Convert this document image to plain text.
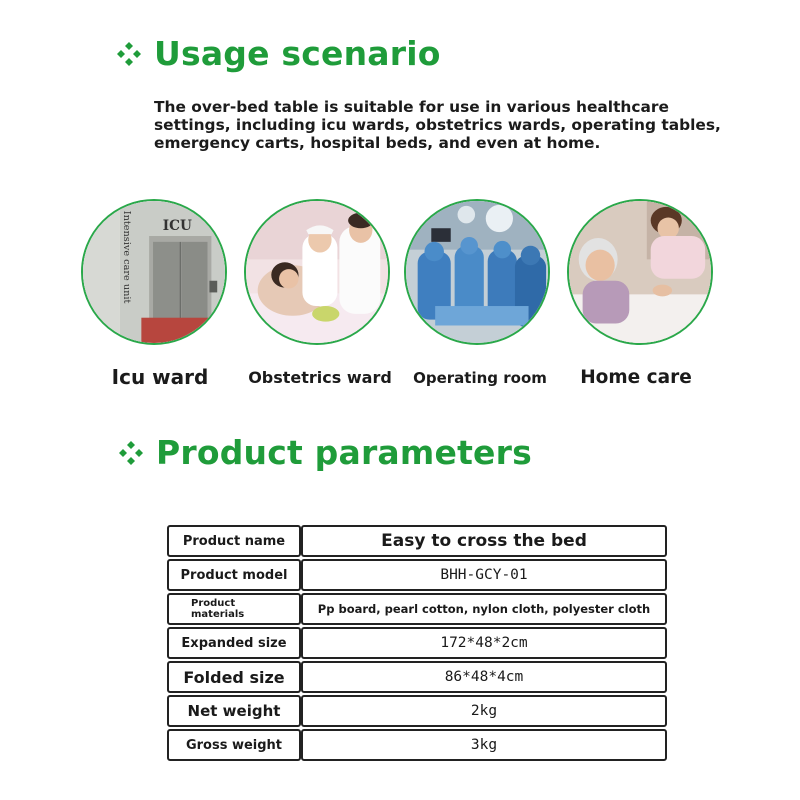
Usage scenario
The over-bed table is suitable for use in various healthcare
settings, including icu wards, obstetrics wards, operating tables,
emergency carts, hospital beds, and even at home.
ICU
Intensive care unit
Icu ward	Obstetrics ward	Operating room	Home care
Product parameters
Product name	Easy to cross the bed
Product model	BHH-GCY-01
Product
materials	Pp board, pearl cotton, nylon cloth, polyester cloth
Expanded size	172*48*2cm
Folded size	86*48*4cm
Net weight	2kg
Gross weight	3kg
